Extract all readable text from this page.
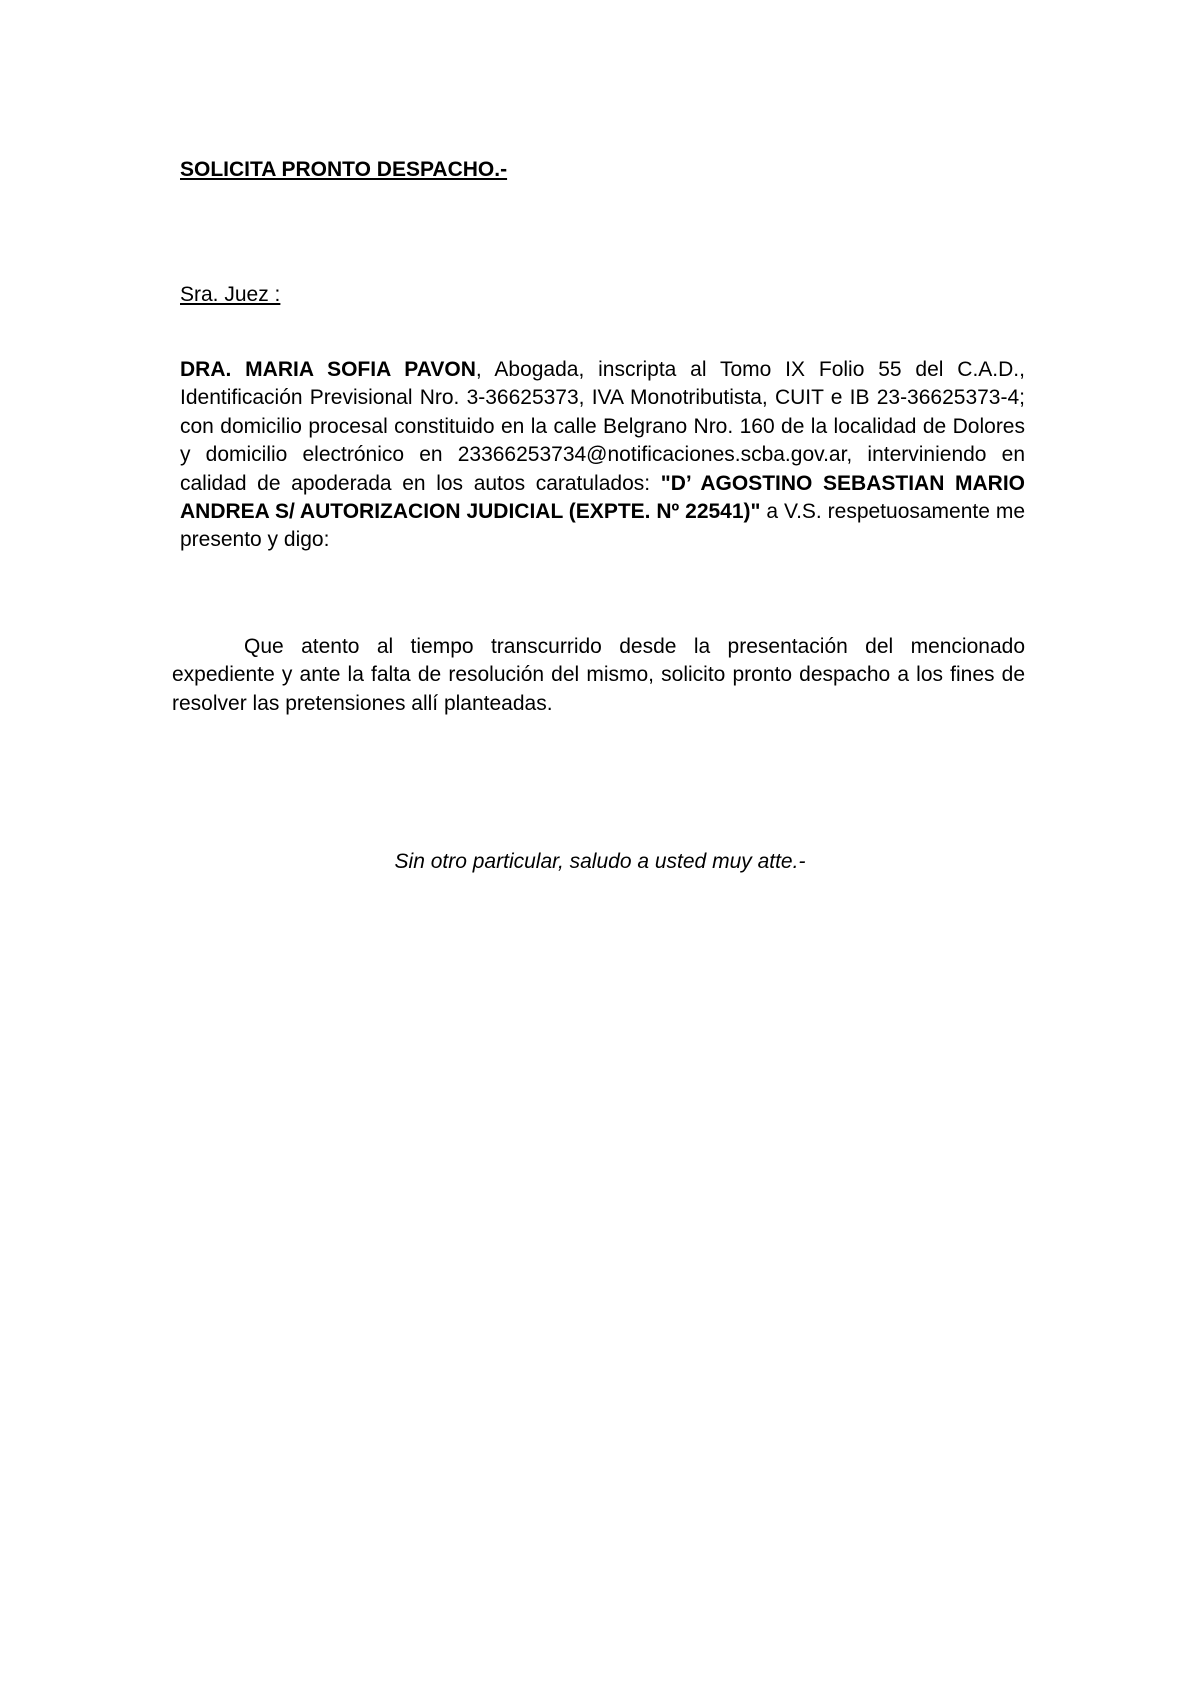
SOLICITA PRONTO DESPACHO.-
Sra. Juez :

DRA. MARIA SOFIA PAVON, Abogada, inscripta al Tomo IX Folio 55 del C.A.D., Identificación Previsional Nro. 3-36625373, IVA Monotributista, CUIT e IB 23-36625373-4; con domicilio procesal constituido en la calle Belgrano Nro. 160 de la localidad de Dolores y domicilio electrónico en 23366253734@notificaciones.scba.gov.ar, interviniendo en calidad de apoderada en los autos caratulados: "D’ AGOSTINO SEBASTIAN MARIO ANDREA S/ AUTORIZACION JUDICIAL (EXPTE. Nº 22541)" a V.S. respetuosamente me presento y digo:

Que atento al tiempo transcurrido desde la presentación del mencionado expediente y ante la falta de resolución del mismo, solicito pronto despacho a los fines de resolver las pretensiones allí planteadas.

Sin otro particular, saludo a usted muy atte.-
